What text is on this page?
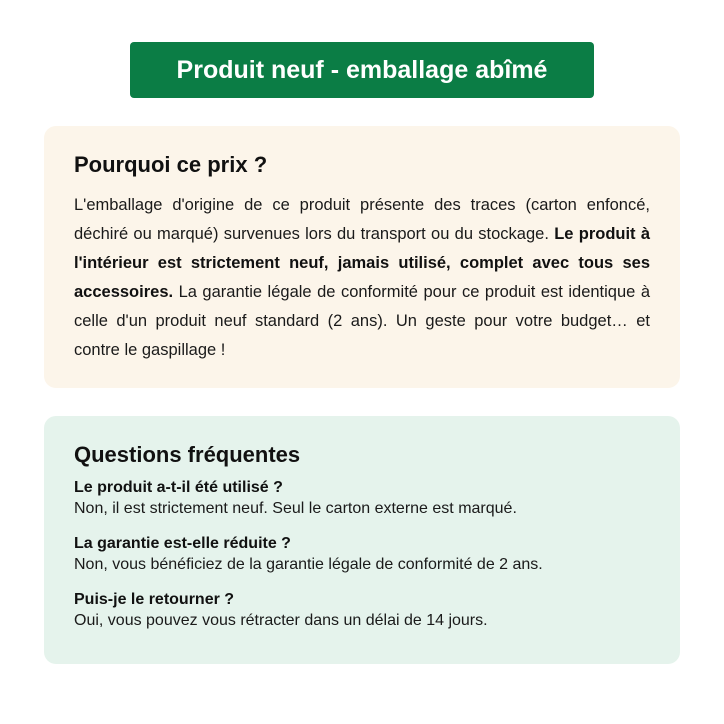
Produit neuf - emballage abîmé
Pourquoi ce prix ?

L'emballage d'origine de ce produit présente des traces (carton enfoncé, déchiré ou marqué) survenues lors du transport ou du stockage. Le produit à l'intérieur est strictement neuf, jamais utilisé, complet avec tous ses accessoires. La garantie légale de conformité pour ce produit est identique à celle d'un produit neuf standard (2 ans). Un geste pour votre budget… et contre le gaspillage !

Questions fréquentes
Le produit a-t-il été utilisé ?
Non, il est strictement neuf. Seul le carton externe est marqué.
La garantie est-elle réduite ?
Non, vous bénéficiez de la garantie légale de conformité de 2 ans.
Puis-je le retourner ?
Oui, vous pouvez vous rétracter dans un délai de 14 jours.
